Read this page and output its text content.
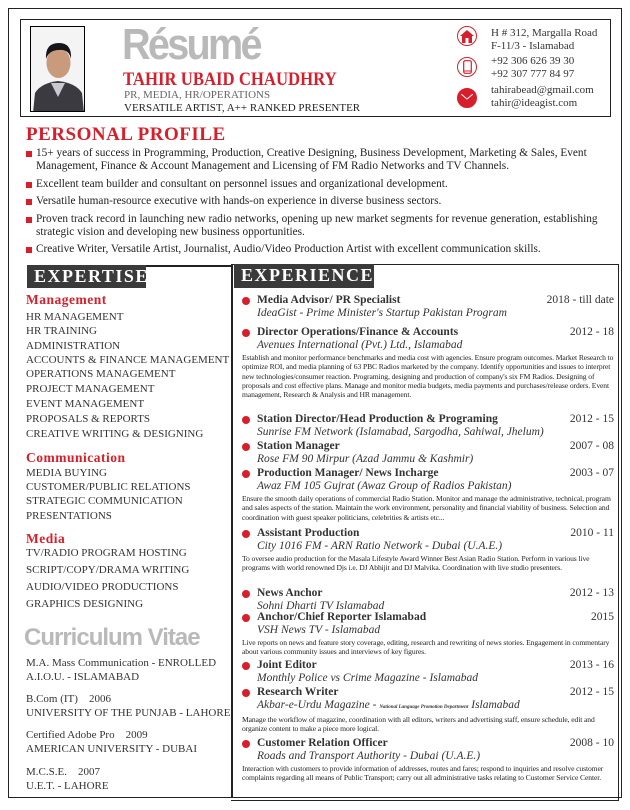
Résumé
TAHIR UBAID CHAUDHRY
PR, MEDIA, HR/OPERATIONS
VERSATILE ARTIST, A++ RANKED PRESENTER
H # 312, Margalla Road
F-11/3 - Islamabad
+92 306 626 39 30
+92 307 777 84 97
tahirabead@gmail.com
tahir@ideagist.com
PERSONAL PROFILE
15+ years of success in Programming, Production, Creative Designing, Business Development, Marketing & Sales, Event Management, Finance & Account Management and Licensing of FM Radio Networks and TV Channels.
Excellent team builder and consultant on personnel issues and organizational development.
Versatile human-resource executive with hands-on experience in diverse business sectors.
Proven track record in launching new radio networks, opening up new market segments for revenue generation, establishing strategic vision and developing new business opportunities.
Creative Writer, Versatile Artist, Journalist, Audio/Video Production Artist with excellent communication skills.
EXPERTISE
Management
HR MANAGEMENT
HR TRAINING
ADMINISTRATION
ACCOUNTS & FINANCE MANAGEMENT
OPERATIONS MANAGEMENT
PROJECT MANAGEMENT
EVENT MANAGEMENT
PROPOSALS & REPORTS
CREATIVE WRITING & DESIGNING
Communication
MEDIA BUYING
CUSTOMER/PUBLIC RELATIONS
STRATEGIC COMMUNICATION
PRESENTATIONS
Media
TV/RADIO PROGRAM HOSTING
SCRIPT/COPY/DRAMA WRITING
AUDIO/VIDEO PRODUCTIONS
GRAPHICS DESIGNING
Curriculum Vitae
M.A. Mass Communication - ENROLLED
A.I.O.U. - ISLAMABAD
B.Com (IT)    2006
UNIVERSITY OF THE PUNJAB - LAHORE
Certified Adobe Pro    2009
AMERICAN UNIVERSITY - DUBAI
M.C.S.E.    2007
U.E.T. - LAHORE
EXPERIENCE
Media Advisor/ PR Specialist	2018 - till date
IdeaGist - Prime Minister's Startup Pakistan Program
Director Operations/Finance & Accounts	2012 - 18
Avenues International (Pvt.) Ltd., Islamabad
Establish and monitor performance benchmarks and media cost with agencies. Ensure program outcomes. Market Research to optimize ROI, and media planning of 63 PBC Radios marketed by the company. Identify opportunities and issues to interpret new technologies/consumer reaction. Programing, designing and production of company's six FM Radios. Designing of proposals and cost effective plans. Manage and monitor media budgets, media payments and purchases/release orders. Event management, Research & Analysis and HR management.
Station Director/Head Production & Programing	2012 - 15
Sunrise FM Network (Islamabad, Sargodha, Sahiwal, Jhelum)
Station Manager	2007 - 08
Rose FM 90 Mirpur (Azad Jammu & Kashmir)
Production Manager/ News Incharge	2003 - 07
Awaz FM 105 Gujrat (Awaz Group of Radios Pakistan)
Ensure the smooth daily operations of commercial Radio Station. Monitor and manage the administrative, technical, program and sales aspects of the station. Maintain the work environment, personality and financial viability of business. Selection and coordination with guest speaker politicians, celebrities & artists etc...
Assistant Production	2010 - 11
City 1016 FM - ARN Ratio Network - Dubai (U.A.E.)
To oversee audio production for the Masala Lifestyle Award Winner Best Asian Radio Station. Perform in various live programs with world renowned Djs i.e. DJ Abhijit and DJ Malvika. Coordination with live studio presenters.
News Anchor	2012 - 13
Sohni Dharti TV Islamabad
Anchor/Chief Reporter Islamabad	2015
VSH News TV - Islamabad
Live reports on news and feature story coverage, editing, research and rewriting of news stories. Engagement in commentary about various community issues and interviews of key figures.
Joint Editor	2013 - 16
Monthly Police vs Crime Magazine - Islamabad
Research Writer	2012 - 15
Akbar-e-Urdu Magazine - National Language Promotion Department Islamabad
Manage the workflow of magazine, coordination with all editors, writers and advertising staff, ensure schedule, edit and organize content to make a piece more logical.
Customer Relation Officer	2008 - 10
Roads and Transport Authority - Dubai (U.A.E.)
Interaction with customers to provide information of addresses, routes and fares; respond to inquiries and resolve customer complaints regarding all means of Public Transport; carry out all administrative tasks relating to Customer Service Center.
